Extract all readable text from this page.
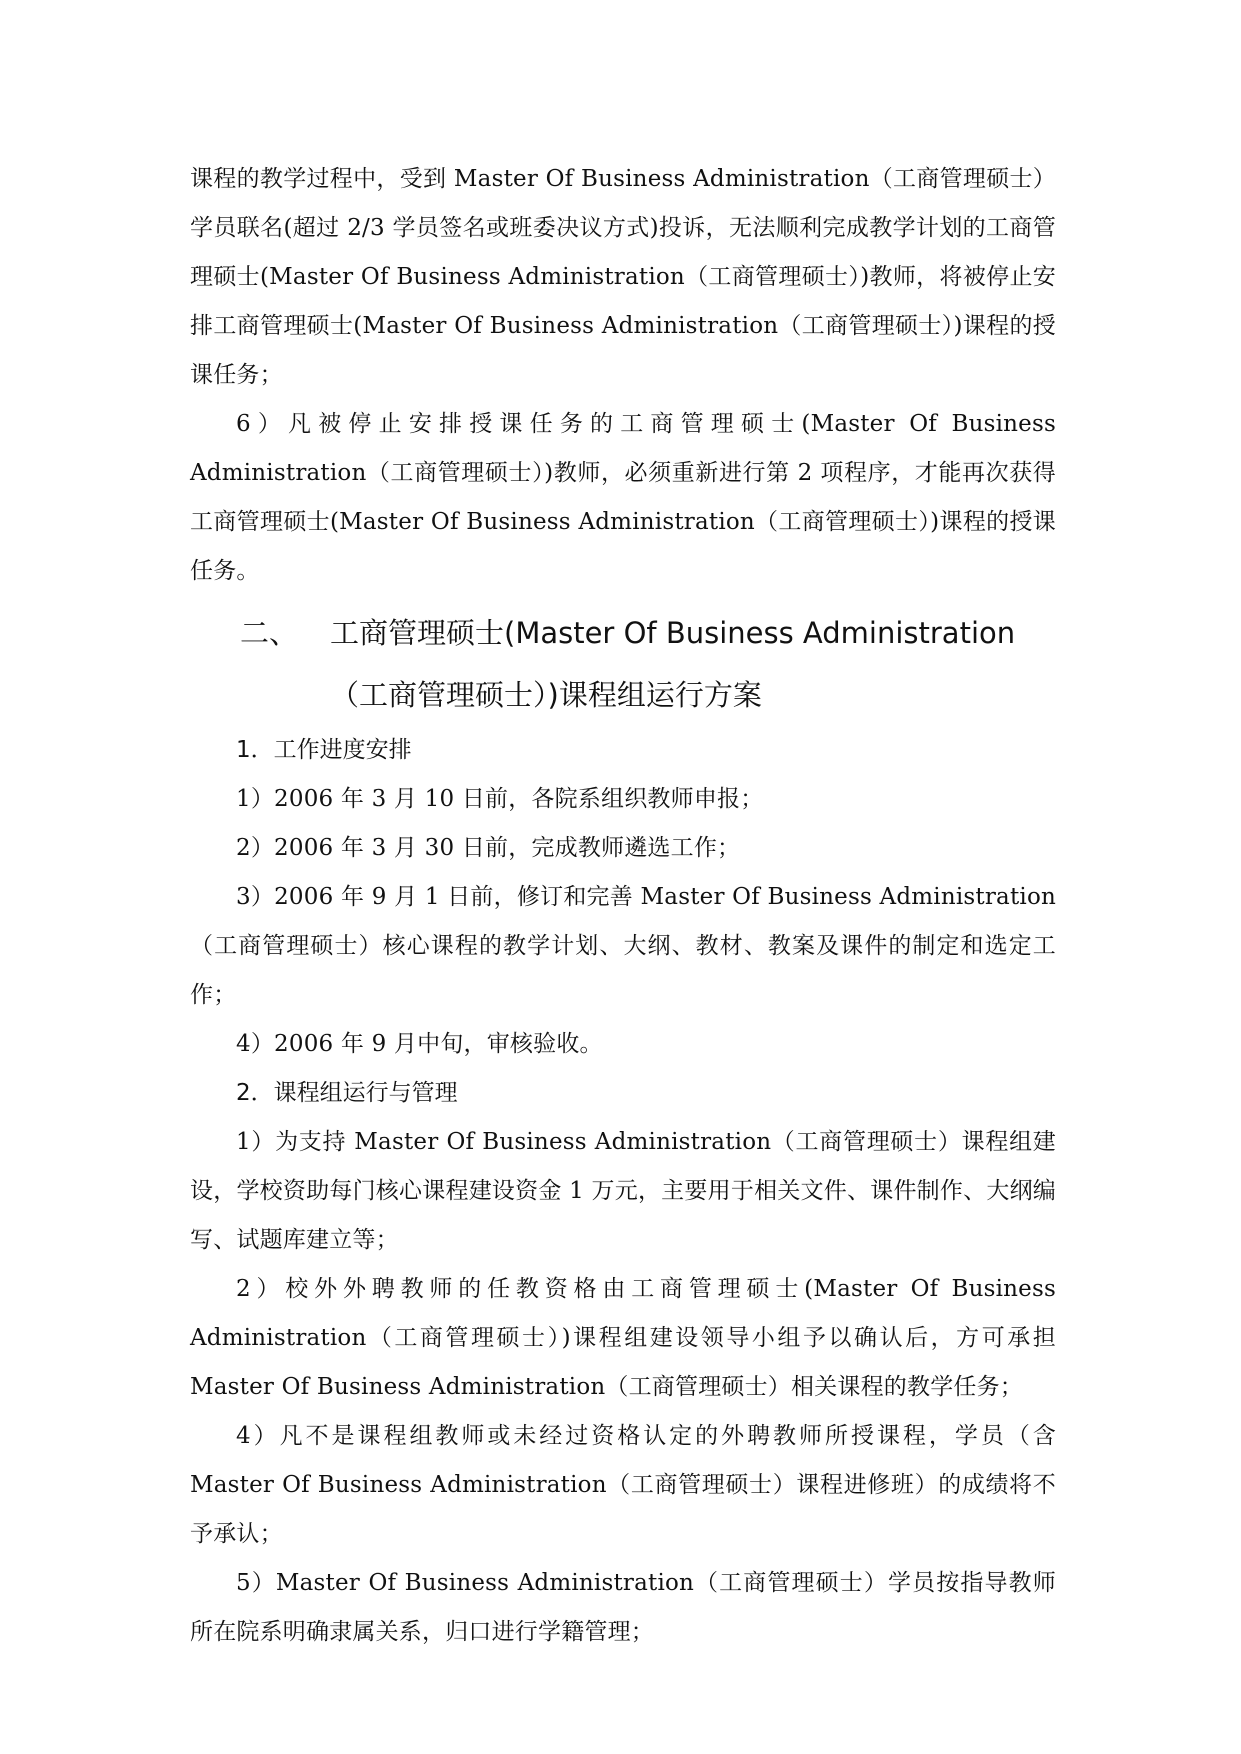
课程的教学过程中，受到 Master Of Business Administration（工商管理硕士）学员联名(超过 2/3 学员签名或班委决议方式)投诉，无法顺利完成教学计划的工商管理硕士(Master Of Business Administration（工商管理硕士）)教师，将被停止安排工商管理硕士(Master Of Business Administration（工商管理硕士）)课程的授课任务；

6）凡被停止安排授课任务的工商管理硕士(Master Of Business Administration（工商管理硕士）)教师，必须重新进行第 2 项程序，才能再次获得工商管理硕士(Master Of Business Administration（工商管理硕士）)课程的授课任务。

二、	工商管理硕士(Master Of Business Administration（工商管理硕士）)课程组运行方案

1．工作进度安排

1）2006 年 3 月 10 日前，各院系组织教师申报；

2）2006 年 3 月 30 日前，完成教师遴选工作；

3）2006 年 9 月 1 日前，修订和完善 Master Of Business Administration（工商管理硕士）核心课程的教学计划、大纲、教材、教案及课件的制定和选定工作；

4）2006 年 9 月中旬，审核验收。

2．课程组运行与管理

1）为支持 Master Of Business Administration（工商管理硕士）课程组建设，学校资助每门核心课程建设资金 1 万元，主要用于相关文件、课件制作、大纲编写、试题库建立等；

2）校外外聘教师的任教资格由工商管理硕士(Master Of Business Administration（工商管理硕士）)课程组建设领导小组予以确认后，方可承担 Master Of Business Administration（工商管理硕士）相关课程的教学任务；

4）凡不是课程组教师或未经过资格认定的外聘教师所授课程，学员（含 Master Of Business Administration（工商管理硕士）课程进修班）的成绩将不予承认；

5）Master Of Business Administration（工商管理硕士）学员按指导教师所在院系明确隶属关系，归口进行学籍管理；
